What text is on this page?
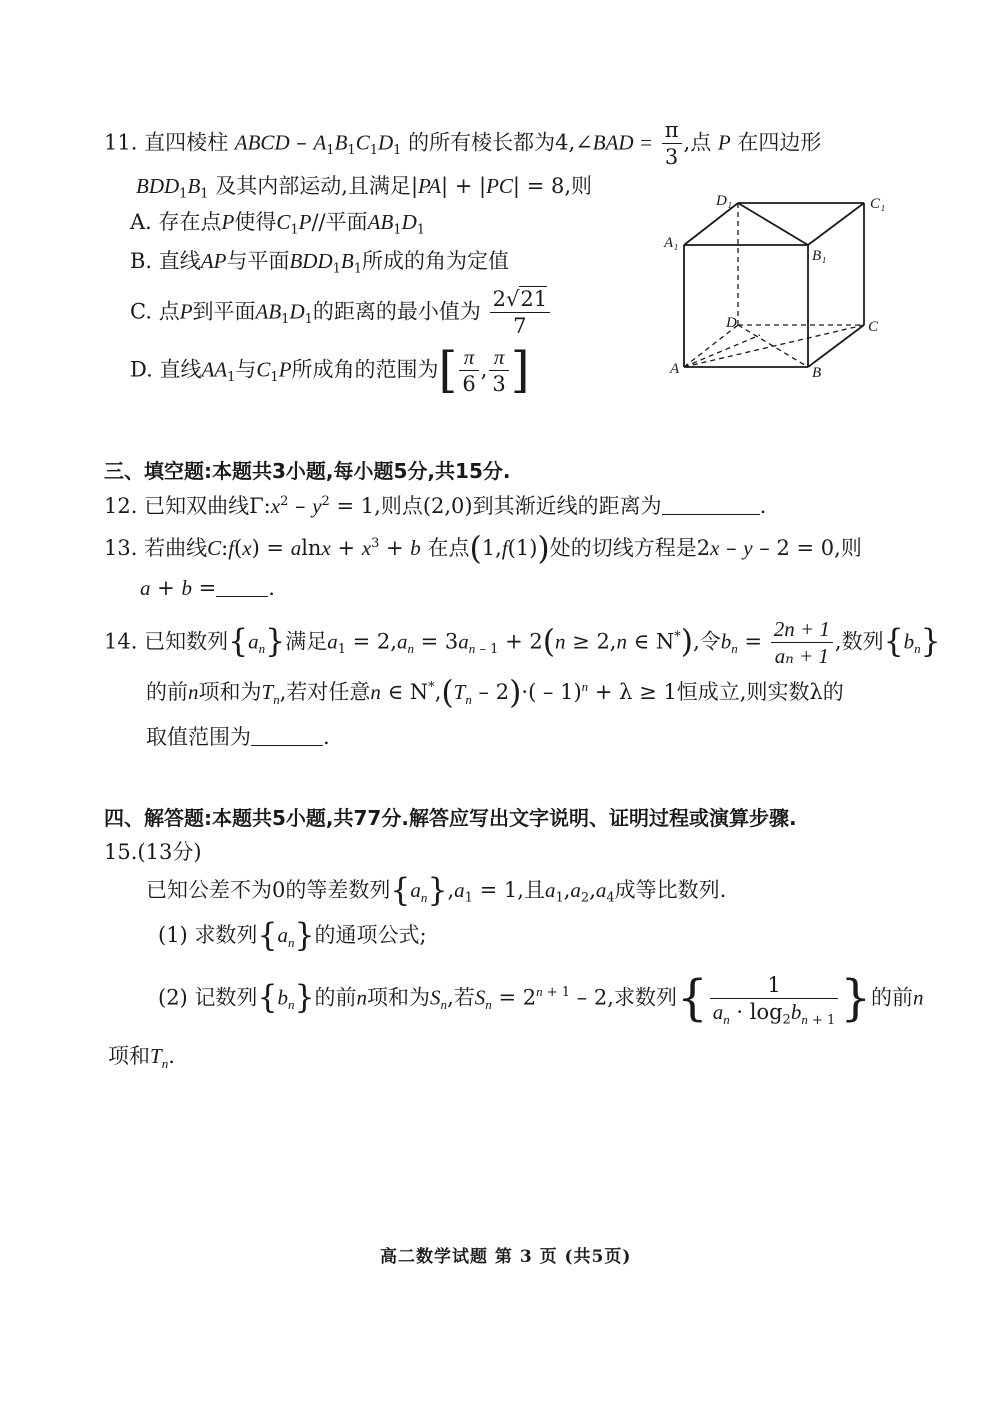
11. 直四棱柱 ABCD – $A_1B_1C_1D_1$ 的所有棱长都为4,∠BAD = $\frac{\pi}{3}$ ,点 P 在四边形
$BDD_1B_1$ 及其内部运动,且满足|PA| + |PC| = 8,则
A. 存在点P使得$C_1P//$平面$AB_1D_1$
B. 直线AP与平面$BDD_1B_1$所成的角为定值
C. 点P到平面$AB_1D_1$的距离的最小值为 $\frac{2√21}{7}$
D. 直线$AA_1$与$C_1P$所成角的范围为[ $\frac{\pi}{6}$ , $\frac{\pi}{3}$ ]
D₁	C₁
A₁
B₁
D	C
A	B
三、填空题:本题共3小题,每小题5分,共15分.
12. 已知双曲线$\Gamma:x^2 - y^2 = 1$,则点(2,0)到其渐近线的距离为	.
13. 若曲线C:f(x) = $alnx + x^3 + b$ 在点(1,f(1))处的切线方程是2x – y – 2 = 0,则
a + b = .
14. 已知数列$\{a_n\}$满足$a_1 = 2,a_n = 3a_{n - 1} + 2(n \ge 2,n$ ∈ N*),令$b_n = \frac{2n + 1}{\text{aₙ + 1}}$ ,数列$\{b_n\}$
的前n项和为$T_n$,若对任意n ∈ $N^*,(T_n - 2)\cdot( - 1)^n + \lambda \ge 1$恒成立,则实数λ的
取值范围为	.
四、解答题:本题共5小题,共77分.解答应写出文字说明、证明过程或演算步骤.
15.(13分)
已知公差不为0的等差数列$\{a_n\},a_1 = 1$,且$a_1,a_2,a_4$成等比数列.
(1) 求数列$\{a_n\}$的通项公式;
(2) 记数列$\{b_n\}$的前n项和为$S_n$,若$S_n = 2^{n + 1} - 2$,求数列{ $\frac{1}{a_n \cdot \log_2b_{n + 1}}$ }的前n
项和$T_n$.
高二数学试题 第 3 页 (共5页)
